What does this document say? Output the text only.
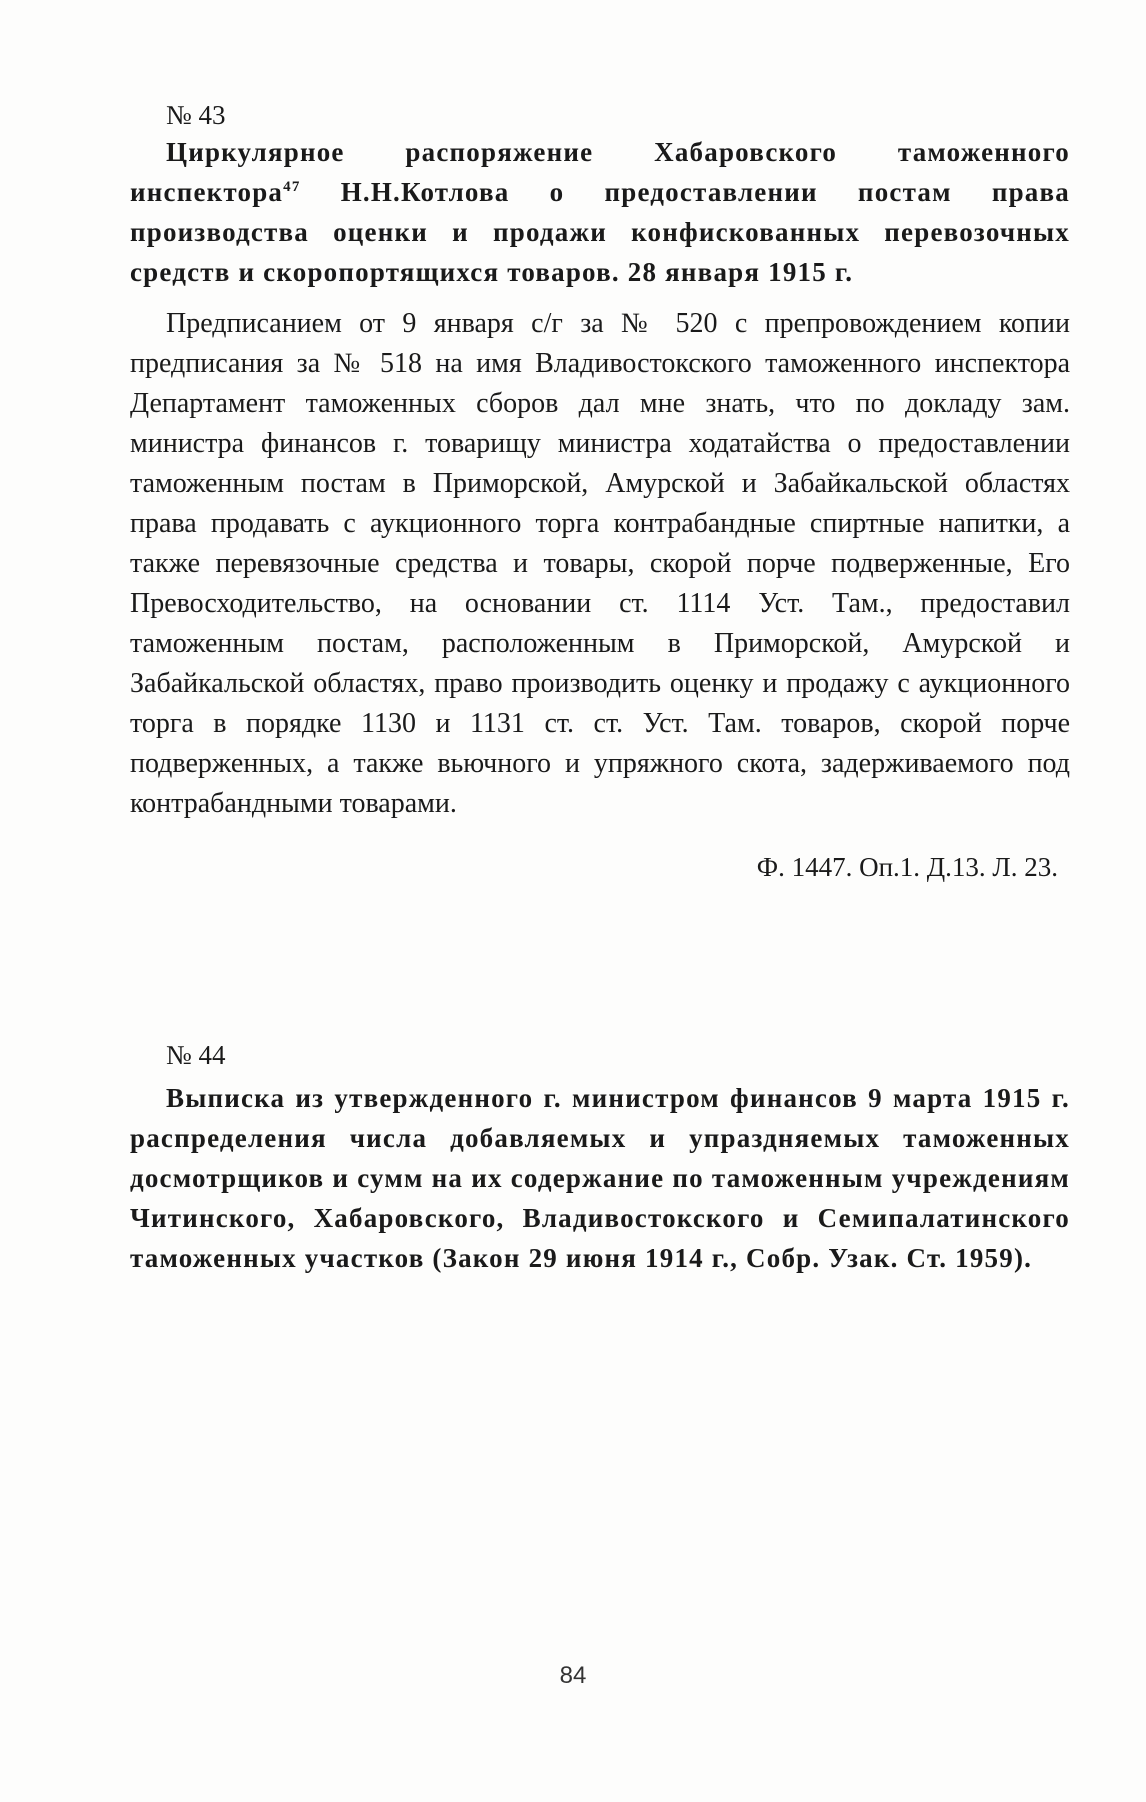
№ 43

Циркулярное распоряжение Хабаровского таможенного инспектора$^{47}$ Н.Н.Котлова о предоставлении постам права производства оценки и продажи конфискованных перевозочных средств и скоропортящихся товаров. 28 января 1915 г.

Предписанием от 9 января с/г за № 520 с препровождением копии предписания за № 518 на имя Владивостокского таможенного инспектора Департамент таможенных сборов дал мне знать, что по докладу зам. министра финансов г. товарищу министра ходатайства о предоставлении таможенным постам в Приморской, Амурской и Забайкальской областях права продавать с аукционного торга контрабандные спиртные напитки, а также перевязочные средства и товары, скорой порче подверженные, Его Превосходительство, на основании ст. 1114 Уст. Там., предоставил таможенным постам, расположенным в Приморской, Амурской и Забайкальской областях, право производить оценку и продажу с аукционного торга в порядке 1130 и 1131 ст. ст. Уст. Там. товаров, скорой порче подверженных, а также вьючного и упряжного скота, задерживаемого под контрабандными товарами.

Ф. 1447. Оп.1. Д.13. Л. 23.

№ 44

Выписка из утвержденного г. министром финансов 9 марта 1915 г. распределения числа добавляемых и упраздняемых таможенных досмотрщиков и сумм на их содержание по таможенным учреждениям Читинского, Хабаровского, Владивостокского и Семипалатинского таможенных участков (Закон 29 июня 1914 г., Собр. Узак. Ст. 1959).

84
